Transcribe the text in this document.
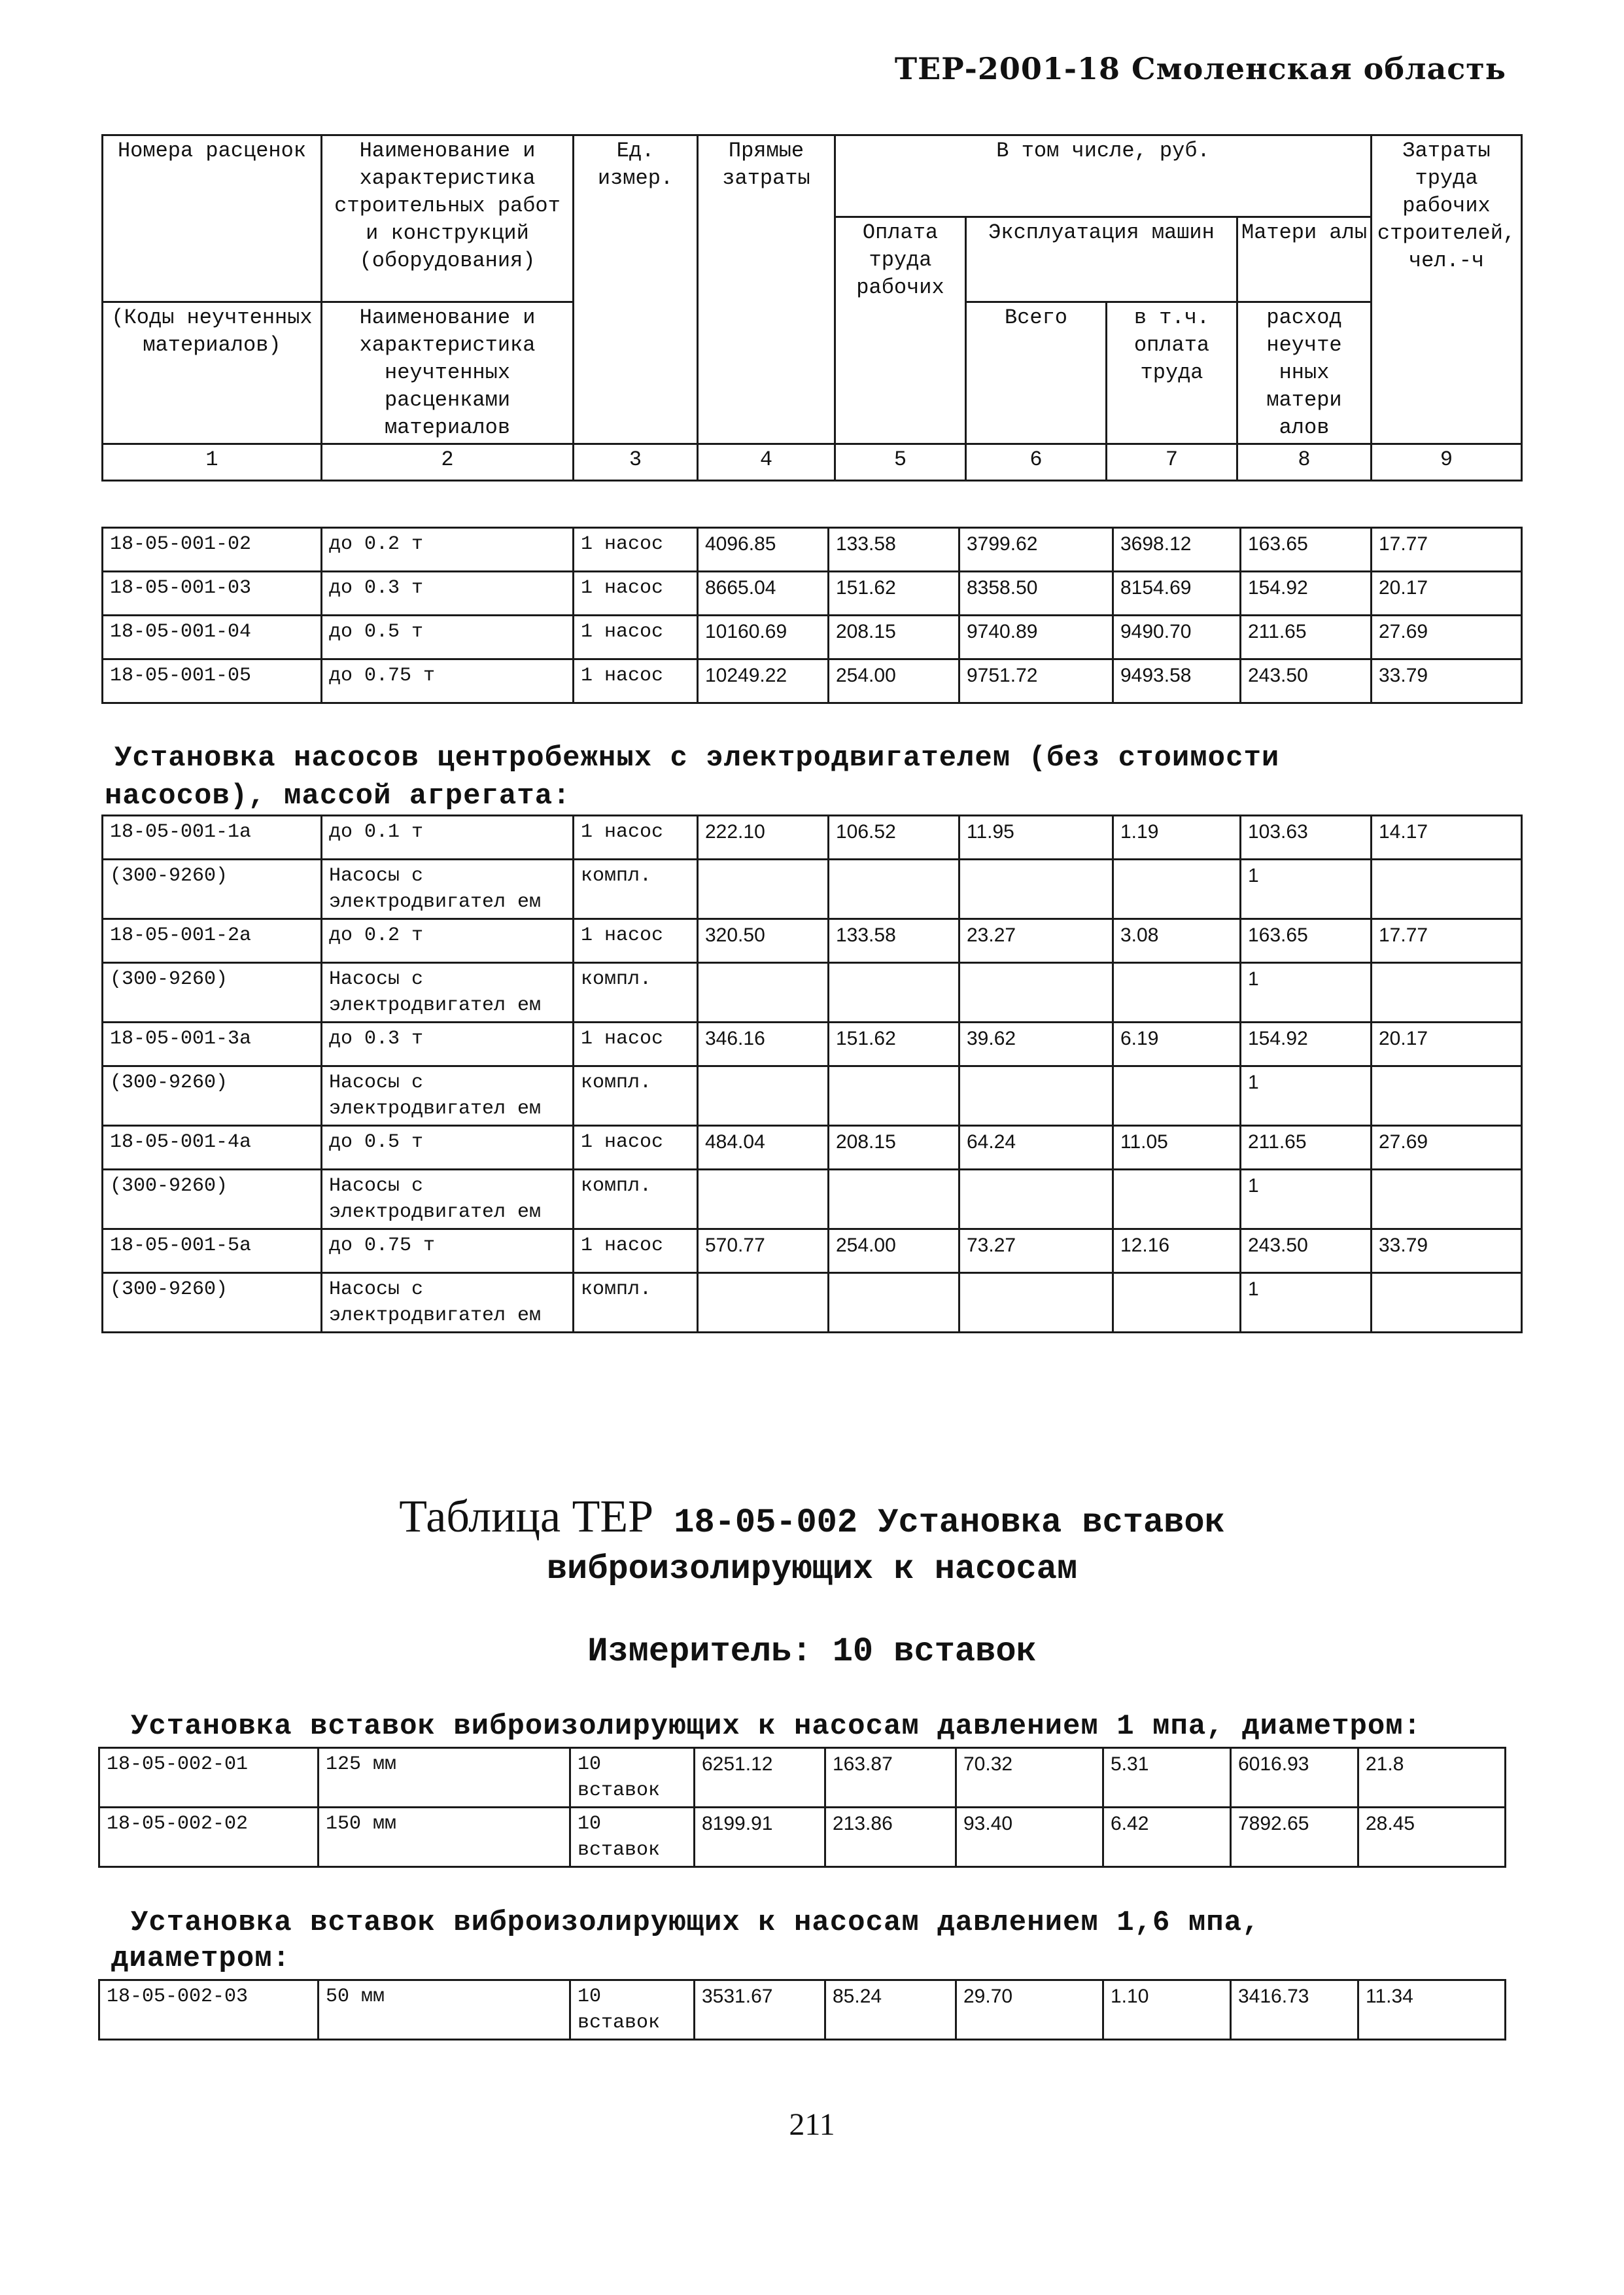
ТЕР-2001-18 Смоленская область
Номера расценок	Наименование и характеристика строительных работ и конструкций (оборудования)	Ед. измер.	Прямые затраты	В том числе, руб.				Затраты труда рабочих строителей, чел.-ч
				Оплата труда рабочих	Эксплуатация машин		Матери алы	
(Коды неучтенных материалов)	Наименование и характеристика неучтенных расценками материалов				Всего	в т.ч. оплата труда	расход неучте нных матери алов	
1	2	3	4	5	6	7	8	9
18-05-001-02	до 0.2 т	1 насос	4096.85	133.58	3799.62	3698.12	163.65	17.77
18-05-001-03	до 0.3 т	1 насос	8665.04	151.62	8358.50	8154.69	154.92	20.17
18-05-001-04	до 0.5 т	1 насос	10160.69	208.15	9740.89	9490.70	211.65	27.69
18-05-001-05	до 0.75 т	1 насос	10249.22	254.00	9751.72	9493.58	243.50	33.79
Установка насосов центробежных с электродвигателем (без стоимости
насосов), массой агрегата:
18-05-001-1а	до 0.1 т	1 насос	222.10	106.52	11.95	1.19	103.63	14.17
(300-9260)	Насосы с электродвигател ем	компл.					1	
18-05-001-2а	до 0.2 т	1 насос	320.50	133.58	23.27	3.08	163.65	17.77
(300-9260)	Насосы с электродвигател ем	компл.					1	
18-05-001-3а	до 0.3 т	1 насос	346.16	151.62	39.62	6.19	154.92	20.17
(300-9260)	Насосы с электродвигател ем	компл.					1	
18-05-001-4а	до 0.5 т	1 насос	484.04	208.15	64.24	11.05	211.65	27.69
(300-9260)	Насосы с электродвигател ем	компл.					1	
18-05-001-5а	до 0.75 т	1 насос	570.77	254.00	73.27	12.16	243.50	33.79
(300-9260)	Насосы с электродвигател ем	компл.					1	
Таблица ТЕР 18-05-002 Установка вставок
виброизолирующих к насосам
Измеритель: 10 вставок
Установка вставок виброизолирующих к насосам давлением 1 мпа, диаметром:
18-05-002-01	125 мм	10 вставок	6251.12	163.87	70.32	5.31	6016.93	21.8
18-05-002-02	150 мм	10 вставок	8199.91	213.86	93.40	6.42	7892.65	28.45
Установка вставок виброизолирующих к насосам давлением 1,6 мпа,
диаметром:
18-05-002-03	50 мм	10 вставок	3531.67	85.24	29.70	1.10	3416.73	11.34
211
